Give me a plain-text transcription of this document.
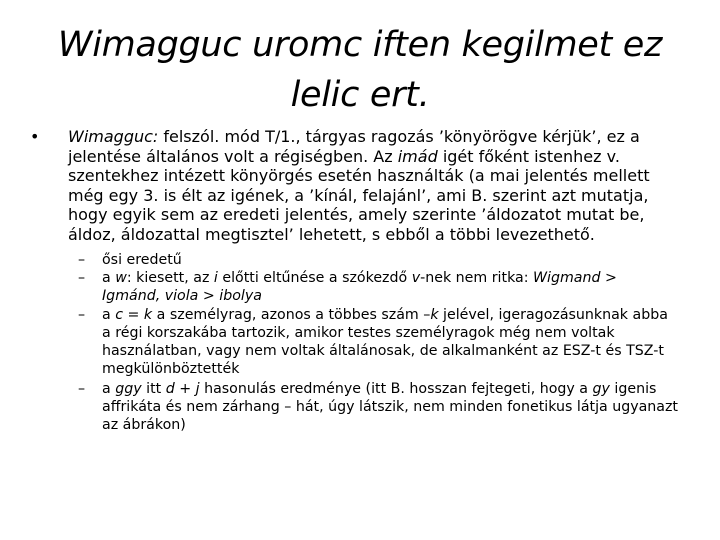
Wimagguc uromc iften kegilmet ez
lelic ert.
• Wimagguc: felszól. mód T/1., tárgyas ragozás ’könyörögve kérjük’, ez a jelentése általános volt a régiségben. Az imád igét főként istenhez v. szentekhez intézett könyörgés esetén használták (a mai jelentés mellett még egy 3. is élt az igének, a ’kínál, felajánl’, ami B. szerint azt mutatja, hogy egyik sem az eredeti jelentés, amely szerinte ’áldozatot mutat be, áldoz, áldozattal megtisztel’ lehetett, s ebből a többi levezethető.
– ősi eredetű
– a w: kiesett, az i előtti eltűnése a szókezdő v-nek nem ritka: Wigmand > Igmánd, viola > ibolya
– a c = k a személyrag, azonos a többes szám –k jelével, igeragozásunknak abba a régi korszakába tartozik, amikor testes személyragok még nem voltak használatban, vagy nem voltak általánosak, de alkalmanként az ESZ-t és TSZ-t megkülönböztették
– a ggy itt d + j hasonulás eredménye (itt B. hosszan fejtegeti, hogy a gy igenis affrikáta és nem zárhang – hát, úgy látszik, nem minden fonetikus látja ugyanazt az ábrákon)
